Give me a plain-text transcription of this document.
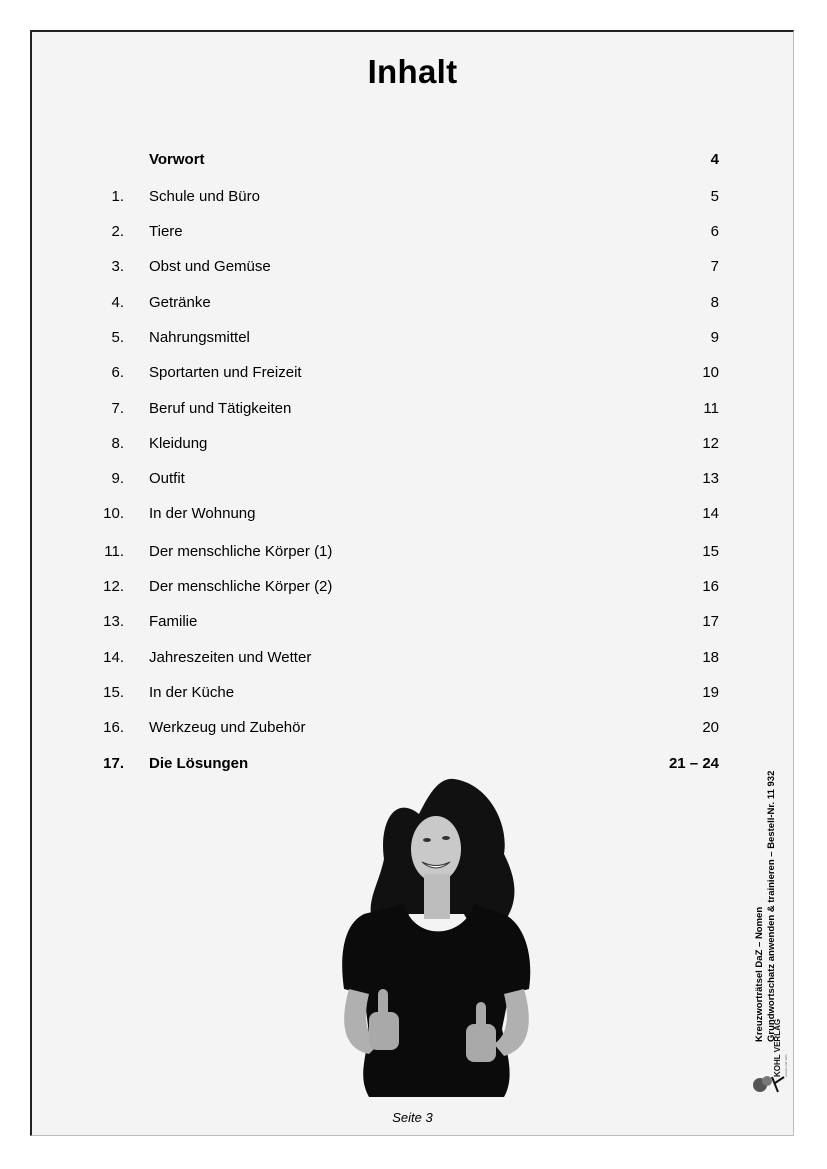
Inhalt
Vorwort	4
1. Schule und Büro	5
2. Tiere	6
3. Obst und Gemüse	7
4. Getränke	8
5. Nahrungsmittel	9
6. Sportarten und Freizeit	10
7. Beruf und Tätigkeiten	11
8. Kleidung	12
9. Outfit	13
10. In der Wohnung	14
11. Der menschliche Körper (1)	15
12. Der menschliche Körper (2)	16
13. Familie	17
14. Jahreszeiten und Wetter	18
15. In der Küche	19
16. Werkzeug und Zubehör	20
17. Die Lösungen	21 – 24
Kreuzworträtsel DaZ – Nomen Grundwortschatz anwenden & trainieren – Bestell-Nr. 11 932
KOHL VERLAG Lernen und mehr
Seite 3
